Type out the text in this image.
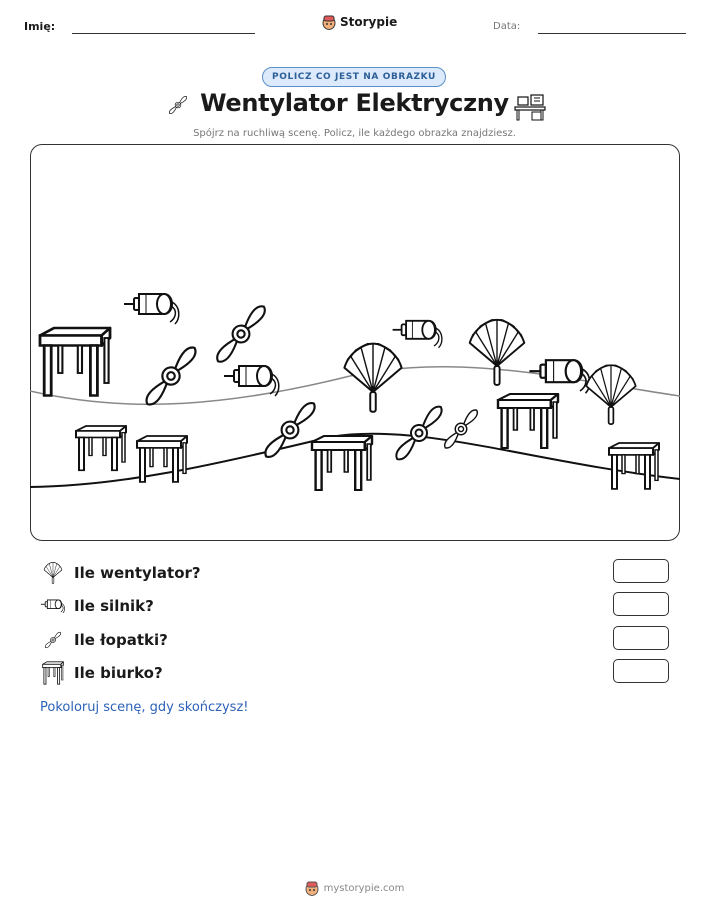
Imię:	Storypie	Data:
POLICZ CO JEST NA OBRAZKU
Wentylator Elektryczny
Spójrz na ruchliwą scenę. Policz, ile każdego obrazka znajdziesz.
Ile wentylator?
Ile silnik?
Ile łopatki?
Ile biurko?
Pokoloruj scenę, gdy skończysz!
mystorypie.com
